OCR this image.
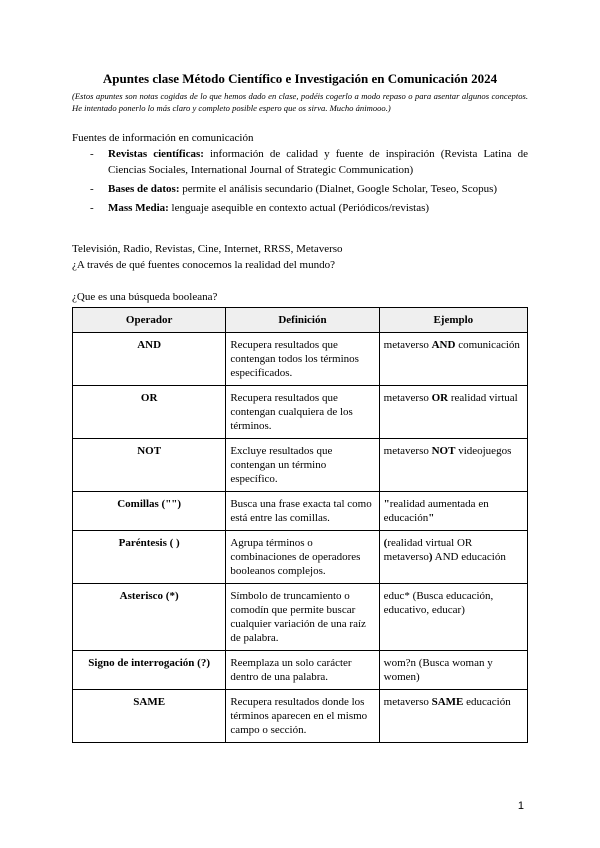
Apuntes clase Método Científico e Investigación en Comunicación 2024
(Estos apuntes son notas cogidas de lo que hemos dado en clase, podéis cogerlo a modo repaso o para asentar algunos conceptos. He intentado ponerlo lo más claro y completo posible espero que os sirva. Mucho ánimooo.)
Fuentes de información en comunicación
- Revistas científicas: información de calidad y fuente de inspiración (Revista Latina de Ciencias Sociales, International Journal of Strategic Communication)
- Bases de datos: permite el análisis secundario (Dialnet, Google Scholar, Teseo, Scopus)
- Mass Media: lenguaje asequible en contexto actual (Periódicos/revistas)
Televisión, Radio, Revistas, Cine, Internet, RRSS, Metaverso
¿A través de qué fuentes conocemos la realidad del mundo?
¿Que es una búsqueda booleana?
Operador	Definición	Ejemplo
AND	Recupera resultados que contengan todos los términos especificados.	metaverso AND comunicación
OR	Recupera resultados que contengan cualquiera de los términos.	metaverso OR realidad virtual
NOT	Excluye resultados que contengan un término específico.	metaverso NOT videojuegos
Comillas ("")	Busca una frase exacta tal como está entre las comillas.	"realidad aumentada en educación"
Paréntesis ( )	Agrupa términos o combinaciones de operadores booleanos complejos.	(realidad virtual OR metaverso) AND educación
Asterisco (*)	Símbolo de truncamiento o comodín que permite buscar cualquier variación de una raíz de palabra.	educ* (Busca educación, educativo, educar)
Signo de interrogación (?)	Reemplaza un solo carácter dentro de una palabra.	wom?n (Busca woman y women)
SAME	Recupera resultados donde los términos aparecen en el mismo campo o sección.	metaverso SAME educación
1
